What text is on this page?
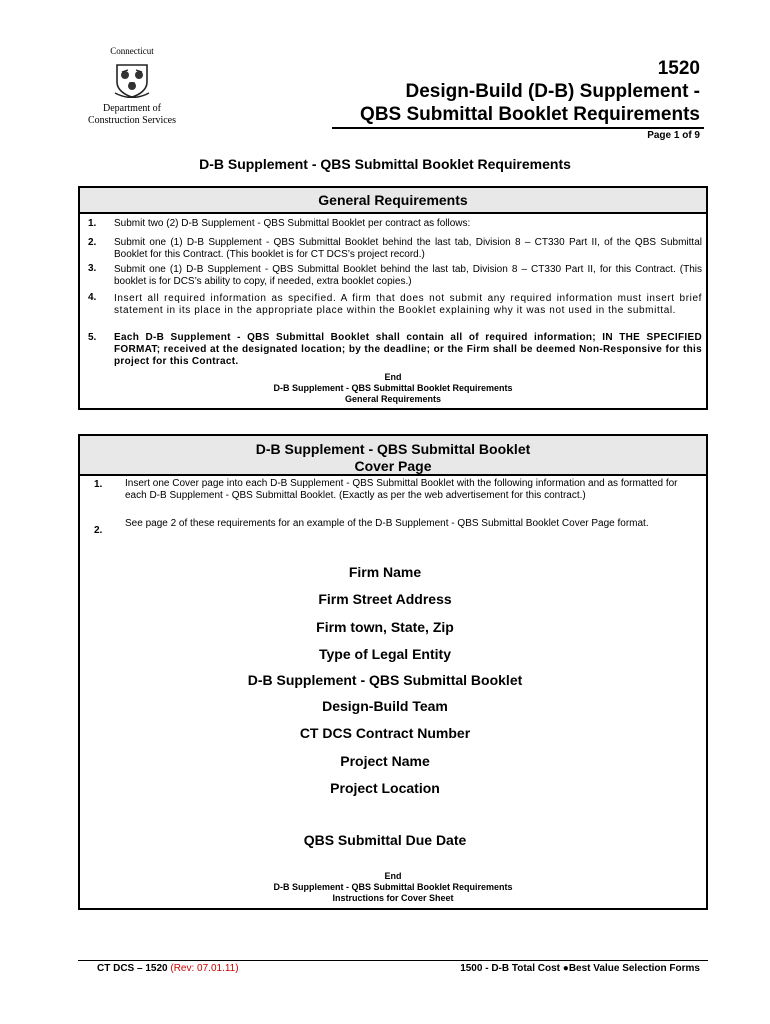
Connecticut
Department of
Construction Services
1520
Design-Build (D-B) Supplement -
QBS Submittal Booklet Requirements
Page 1 of 9
D-B Supplement - QBS Submittal Booklet Requirements
General Requirements
1. Submit two (2) D-B Supplement - QBS Submittal Booklet per contract as follows:
2. Submit one (1) D-B Supplement - QBS Submittal Booklet behind the last tab, Division 8 – CT330 Part II, of the QBS Submittal Booklet for this Contract. (This booklet is for CT DCS’s project record.)
3. Submit one (1) D-B Supplement - QBS Submittal Booklet behind the last tab, Division 8 – CT330 Part II, for this Contract. (This booklet is for DCS’s ability to copy, if needed, extra booklet copies.)
4. Insert all required information as specified. A firm that does not submit any required information must insert brief statement in its place in the appropriate place within the Booklet explaining why it was not used in the submittal.
5. Each D-B Supplement - QBS Submittal Booklet shall contain all of required information; IN THE SPECIFIED FORMAT; received at the designated location; by the deadline; or the Firm shall be deemed Non-Responsive for this project for this Contract.
End
D-B Supplement - QBS Submittal Booklet Requirements
General Requirements
D-B Supplement - QBS Submittal Booklet
Cover Page
1. Insert one Cover page into each D-B Supplement - QBS Submittal Booklet with the following information and as formatted for each D-B Supplement - QBS Submittal Booklet. (Exactly as per the web advertisement for this contract.)
2.
See page 2 of these requirements for an example of the D-B Supplement - QBS Submittal Booklet Cover Page format.
Firm Name
Firm Street Address
Firm town, State, Zip
Type of Legal Entity
D-B Supplement - QBS Submittal Booklet
Design-Build Team
CT DCS Contract Number
Project Name
Project Location
QBS Submittal Due Date
End
D-B Supplement - QBS Submittal Booklet Requirements
Instructions for Cover Sheet
CT DCS – 1520 (Rev: 07.01.11)	1500 - D-B Total Cost ●Best Value Selection Forms
